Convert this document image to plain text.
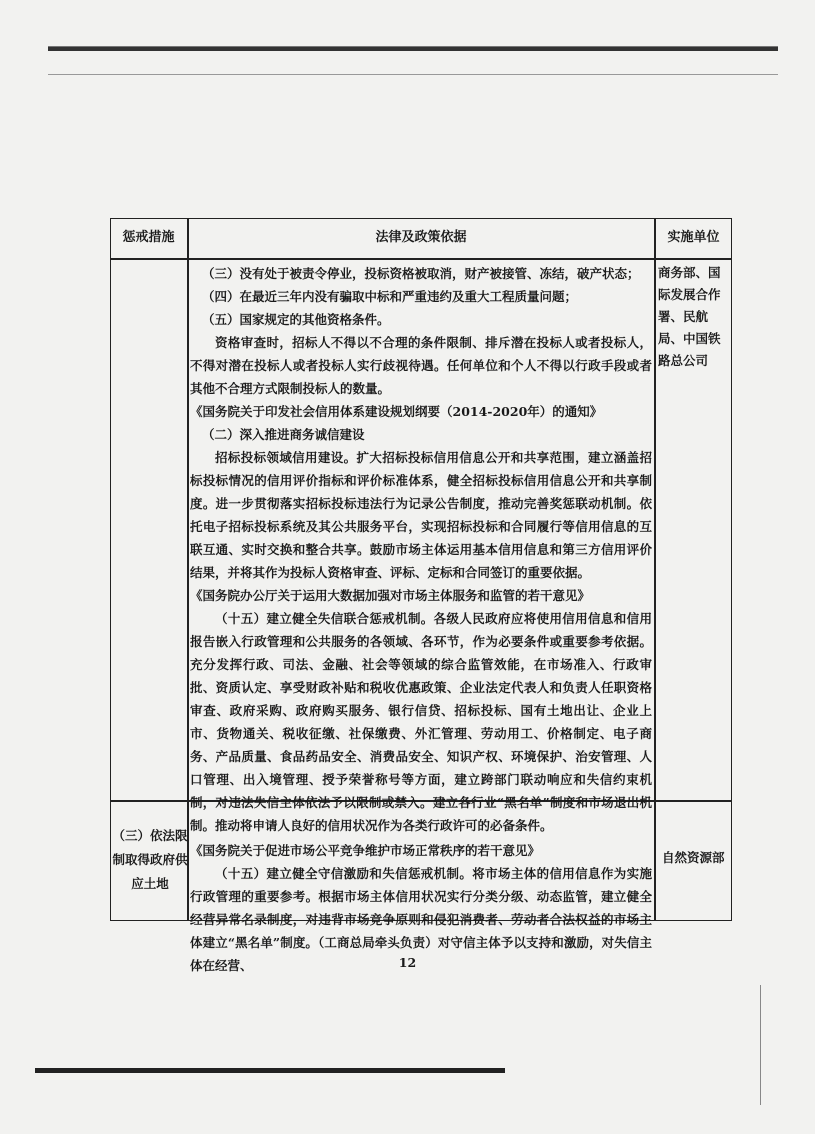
惩戒措施	法律及政策依据	实施单位

（三）没有处于被责令停业，投标资格被取消，财产被接管、冻结，破产状态；

（四）在最近三年内没有骗取中标和严重违约及重大工程质量问题；

（五）国家规定的其他资格条件。

资格审查时，招标人不得以不合理的条件限制、排斥潜在投标人或者投标人，不得对潜在投标人或者投标人实行歧视待遇。任何单位和个人不得以行政手段或者其他不合理方式限制投标人的数量。

《国务院关于印发社会信用体系建设规划纲要（2014-2020年）的通知》

（二）深入推进商务诚信建设

招标投标领域信用建设。扩大招标投标信用信息公开和共享范围，建立涵盖招标投标情况的信用评价指标和评价标准体系，健全招标投标信用信息公开和共享制度。进一步贯彻落实招标投标违法行为记录公告制度，推动完善奖惩联动机制。依托电子招标投标系统及其公共服务平台，实现招标投标和合同履行等信用信息的互联互通、实时交换和整合共享。鼓励市场主体运用基本信用信息和第三方信用评价结果，并将其作为投标人资格审查、评标、定标和合同签订的重要依据。

《国务院办公厅关于运用大数据加强对市场主体服务和监管的若干意见》

（十五）建立健全失信联合惩戒机制。各级人民政府应将使用信用信息和信用报告嵌入行政管理和公共服务的各领域、各环节，作为必要条件或重要参考依据。充分发挥行政、司法、金融、社会等领域的综合监管效能，在市场准入、行政审批、资质认定、享受财政补贴和税收优惠政策、企业法定代表人和负责人任职资格审查、政府采购、政府购买服务、银行信贷、招标投标、国有土地出让、企业上市、货物通关、税收征缴、社保缴费、外汇管理、劳动用工、价格制定、电子商务、产品质量、食品药品安全、消费品安全、知识产权、环境保护、治安管理、人口管理、出入境管理、授予荣誉称号等方面，建立跨部门联动响应和失信约束机制，对违法失信主体依法予以限制或禁入。建立各行业“黑名单”制度和市场退出机制。推动将申请人良好的信用状况作为各类行政许可的必备条件。

《国务院关于促进市场公平竞争维护市场正常秩序的若干意见》

（十五）建立健全守信激励和失信惩戒机制。将市场主体的信用信息作为实施行政管理的重要参考。根据市场主体信用状况实行分类分级、动态监管，建立健全经营异常名录制度，对违背市场竞争原则和侵犯消费者、劳动者合法权益的市场主体建立“黑名单”制度。（工商总局牵头负责）对守信主体予以支持和激励，对失信主体在经营、

商务部、国际发展合作署、民航局、中国铁路总公司
（三）依法限制取得政府供应土地
自然资源部
12
